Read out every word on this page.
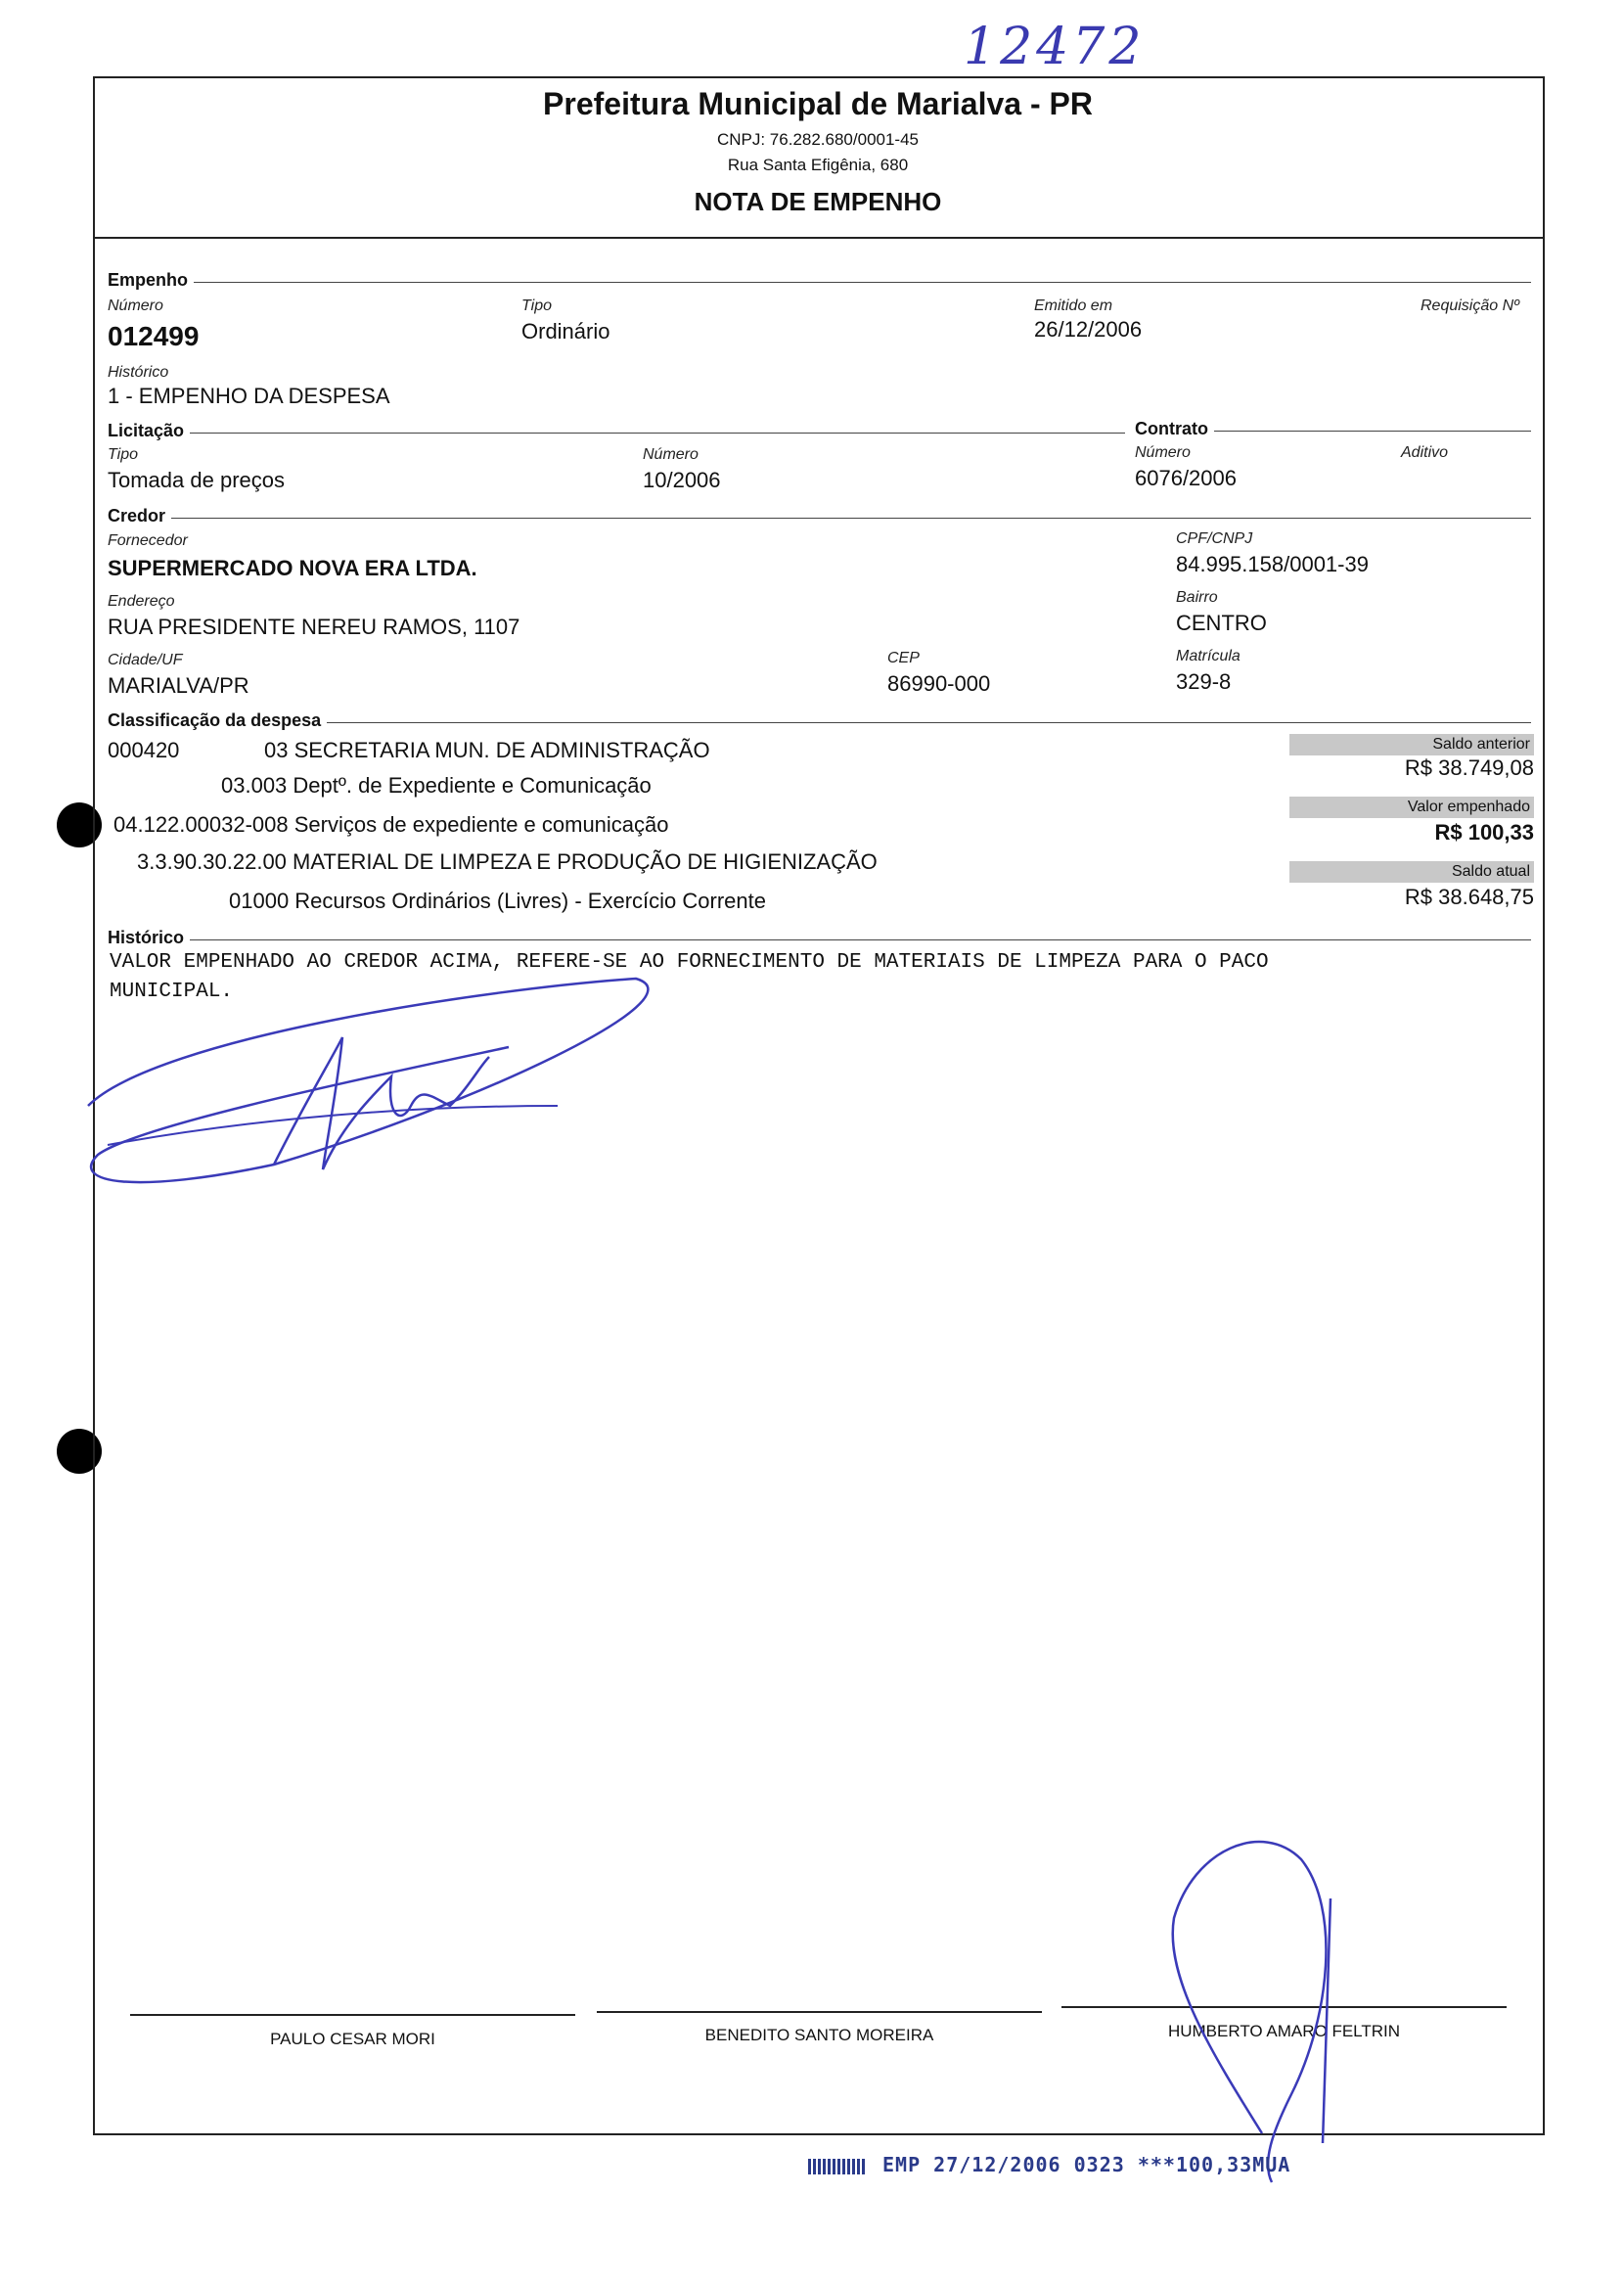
12472
Prefeitura Municipal de Marialva - PR
CNPJ: 76.282.680/0001-45
Rua Santa Efigênia, 680
NOTA DE EMPENHO
Empenho
Número
012499
Tipo
Ordinário
Emitido em
26/12/2006
Requisição Nº
Histórico
1 - EMPENHO DA DESPESA
Licitação	Contrato
Tipo
Tomada de preços
Número
10/2006
Número
6076/2006
Aditivo
Credor
Fornecedor
SUPERMERCADO NOVA ERA LTDA.
CPF/CNPJ
84.995.158/0001-39
Endereço
RUA PRESIDENTE NEREU RAMOS, 1107
Bairro
CENTRO
Cidade/UF
MARIALVA/PR
CEP
86990-000
Matrícula
329-8
Classificação da despesa
000420	03 SECRETARIA MUN. DE ADMINISTRAÇÃO
03.003 Deptº. de Expediente e Comunicação
04.122.00032-008 Serviços de expediente e comunicação
3.3.90.30.22.00 MATERIAL DE LIMPEZA E PRODUÇÃO DE HIGIENIZAÇÃO
01000 Recursos Ordinários (Livres) - Exercício Corrente
Saldo anterior
R$ 38.749,08
Valor empenhado
R$ 100,33
Saldo atual
R$ 38.648,75
Histórico
VALOR EMPENHADO AO CREDOR ACIMA, REFERE-SE AO FORNECIMENTO DE MATERIAIS DE LIMPEZA PARA O PACO
MUNICIPAL.
PAULO CESAR MORI	BENEDITO SANTO MOREIRA	HUMBERTO AMARO FELTRIN
EMP 27/12/2006 0323 ***100,33MUA
